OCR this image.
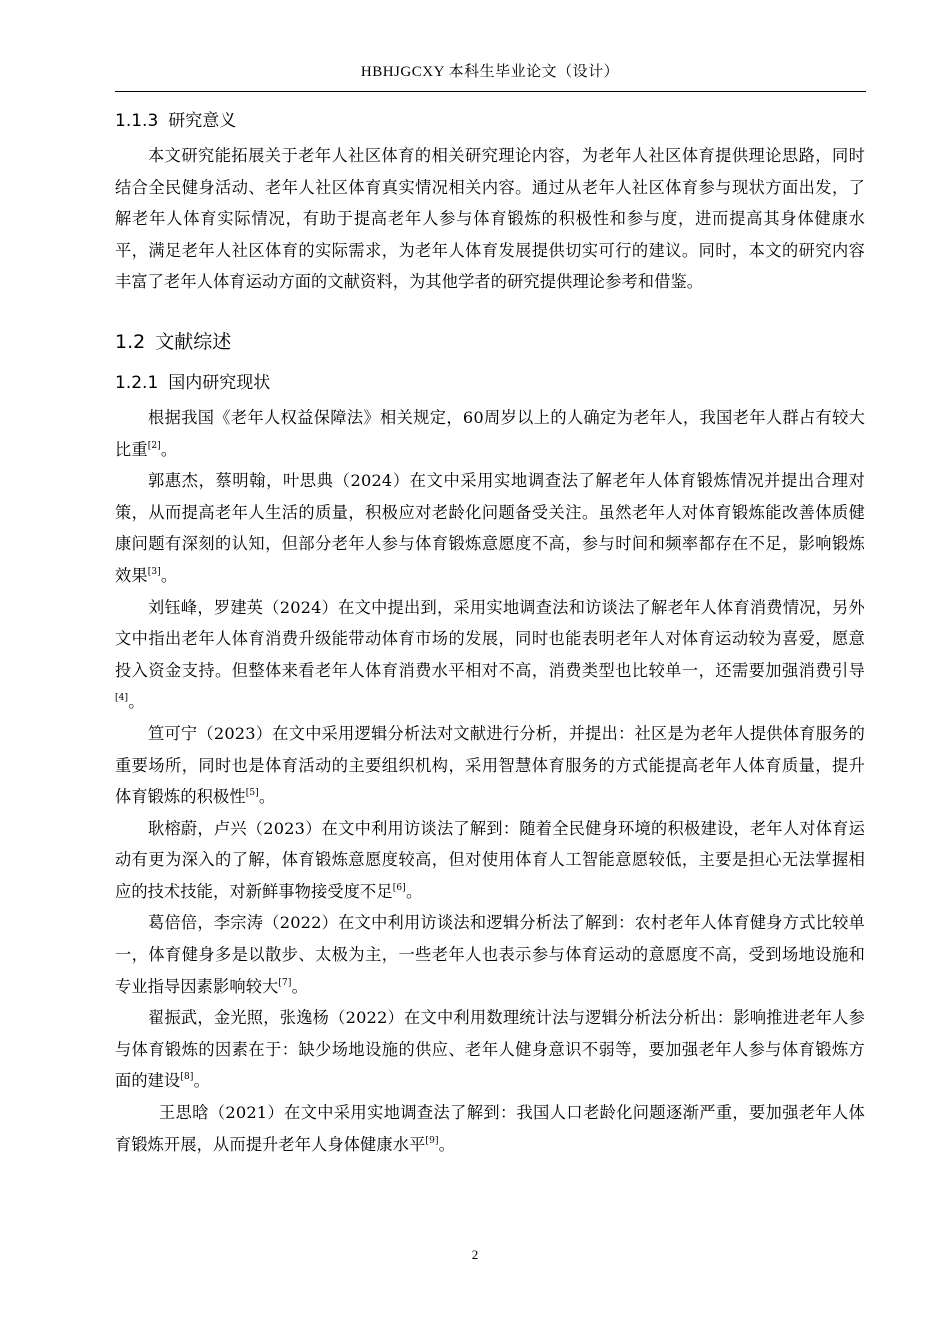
HBHJGCXY 本科生毕业论文（设计）
1.1.3 研究意义

本文研究能拓展关于老年人社区体育的相关研究理论内容，为老年人社区体育提供理论思路，同时结合全民健身活动、老年人社区体育真实情况相关内容。通过从老年人社区体育参与现状方面出发，了解老年人体育实际情况，有助于提高老年人参与体育锻炼的积极性和参与度，进而提高其身体健康水平，满足老年人社区体育的实际需求，为老年人体育发展提供切实可行的建议。同时，本文的研究内容丰富了老年人体育运动方面的文献资料，为其他学者的研究提供理论参考和借鉴。

1.2 文献综述
1.2.1 国内研究现状

根据我国《老年人权益保障法》相关规定，60周岁以上的人确定为老年人，我国老年人群占有较大比重[2]。

郭惠杰，蔡明翰，叶思典（2024）在文中采用实地调查法了解老年人体育锻炼情况并提出合理对策，从而提高老年人生活的质量，积极应对老龄化问题备受关注。虽然老年人对体育锻炼能改善体质健康问题有深刻的认知，但部分老年人参与体育锻炼意愿度不高，参与时间和频率都存在不足，影响锻炼效果[3]。

刘钰峰，罗建英（2024）在文中提出到，采用实地调查法和访谈法了解老年人体育消费情况，另外文中指出老年人体育消费升级能带动体育市场的发展，同时也能表明老年人对体育运动较为喜爱，愿意投入资金支持。但整体来看老年人体育消费水平相对不高，消费类型也比较单一，还需要加强消费引导[4]。

笪可宁（2023）在文中采用逻辑分析法对文献进行分析，并提出：社区是为老年人提供体育服务的重要场所，同时也是体育活动的主要组织机构，采用智慧体育服务的方式能提高老年人体育质量，提升体育锻炼的积极性[5]。

耿榕蔚，卢兴（2023）在文中利用访谈法了解到：随着全民健身环境的积极建设，老年人对体育运动有更为深入的了解，体育锻炼意愿度较高，但对使用体育人工智能意愿较低，主要是担心无法掌握相应的技术技能，对新鲜事物接受度不足[6]。

葛倍倍，李宗涛（2022）在文中利用访谈法和逻辑分析法了解到：农村老年人体育健身方式比较单一，体育健身多是以散步、太极为主，一些老年人也表示参与体育运动的意愿度不高，受到场地设施和专业指导因素影响较大[7]。

翟振武，金光照，张逸杨（2022）在文中利用数理统计法与逻辑分析法分析出：影响推进老年人参与体育锻炼的因素在于：缺少场地设施的供应、老年人健身意识不弱等，要加强老年人参与体育锻炼方面的建设[8]。

王思晗（2021）在文中采用实地调查法了解到：我国人口老龄化问题逐渐严重，要加强老年人体育锻炼开展，从而提升老年人身体健康水平[9]。

2
